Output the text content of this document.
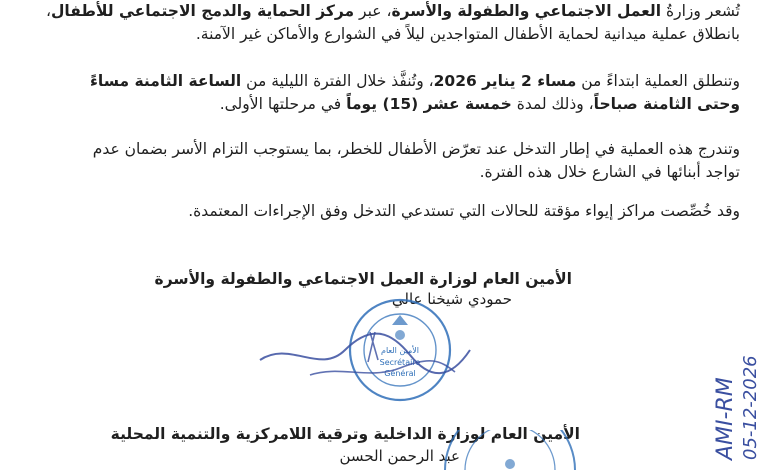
تُشعر وزارةُ العمل الاجتماعي والطفولة والأسرة، عبر مركز الحماية والدمج الاجتماعي للأطفال،
بانطلاق عملية ميدانية لحماية الأطفال المتواجدين ليلاً في الشوارع والأماكن غير الآمنة.
وتنطلق العملية ابتداءً من مساء 2 يناير 2026، وتُنفَّذ خلال الفترة الليلية من الساعة الثامنة مساءً
وحتى الثامنة صباحاً، وذلك لمدة خمسة عشر (15) يوماً في مرحلتها الأولى.
وتندرج هذه العملية في إطار التدخل عند تعرّض الأطفال للخطر، بما يستوجب التزام الأسر بضمان عدم
تواجد أبنائها في الشارع خلال هذه الفترة.
وقد خُصِّصت مراكز إيواء مؤقتة للحالات التي تستدعي التدخل وفق الإجراءات المعتمدة.
الأمين العام لوزارة العمل الاجتماعي والطفولة والأسرة
حمودي شيخنا عالي
الأمين العام
Secrétaire
Général
الأمين العام لوزارة الداخلية وترقية اللامركزية والتنمية المحلية
عبد الرحمن الحسن	AMI-RM 05-12-2026
